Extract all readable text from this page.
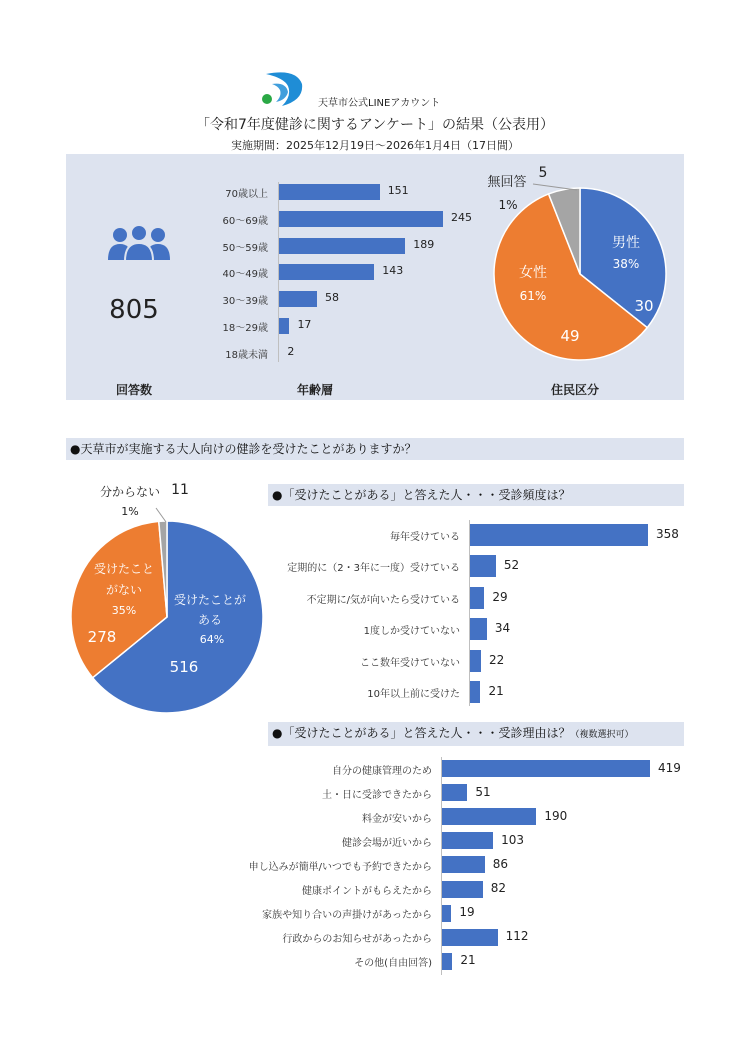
天草市公式LINEアカウント
「令和7年度健診に関するアンケート」の結果（公表用）
実施期間：2025年12月19日～2026年1月4日（17日間）
805
回答数	年齢層	住民区分
70歳以上	151
60～69歳	245
50～59歳	189
40～49歳	143
30～39歳	58
18～29歳	17
18歳未満 2
男性
38%
30
女性
61%
49
無回答
5
1%
●天草市が実施する大人向けの健診を受けたことがありますか？
受けたことが
ある
64%
516
受けたこと
がない
35%
278
分からない 11
1%
●「受けたことがある」と答えた人・・・受診頻度は？
毎年受けている	358
定期的に（2・3年に一度）受けている	52
不定期に/気が向いたら受けている	29
1度しか受けていない	34
ここ数年受けていない 22
10年以上前に受けた 21
●「受けたことがある」と答えた人・・・受診理由は？（複数選択可）
自分の健康管理のため	419
土・日に受診できたから	51
料金が安いから	190
健診会場が近いから	103
申し込みが簡単/いつでも予約できたから	86
健康ポイントがもらえたから	82
家族や知り合いの声掛けがあったから 19
行政からのお知らせがあったから	112
その他(自由回答) 21
